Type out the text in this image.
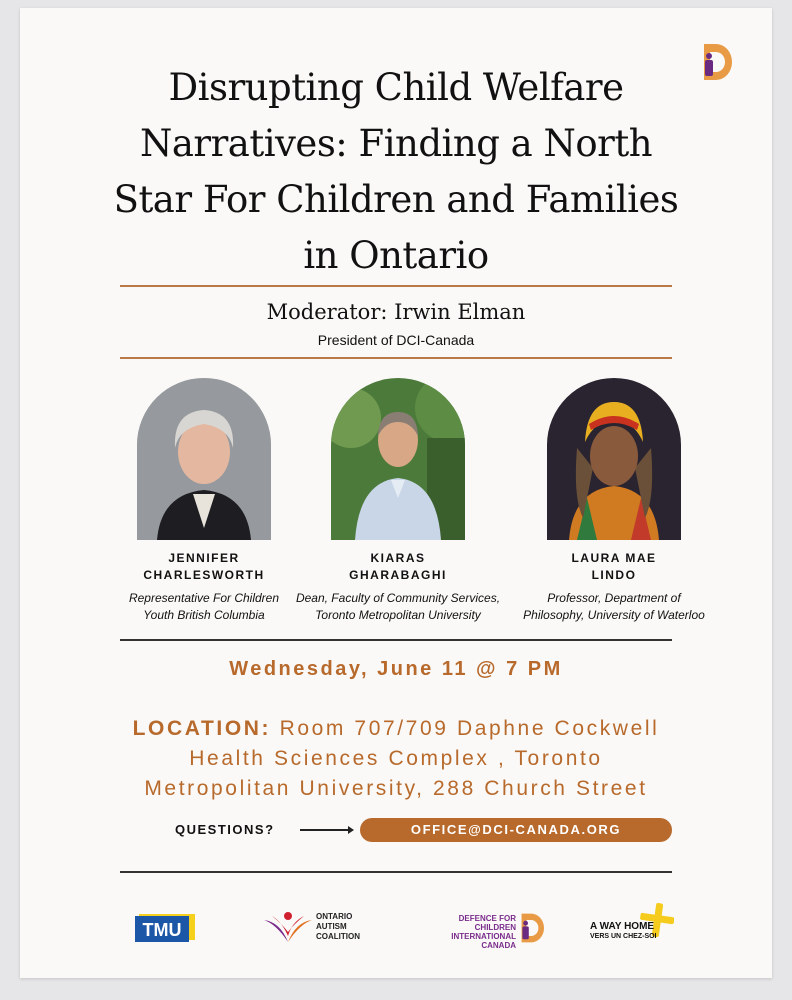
Disrupting Child Welfare
Narratives: Finding a North
Star For Children and Families
in Ontario
Moderator: Irwin Elman
President of DCI-Canada
JENNIFER
CHARLESWORTH
Representative For Children
Youth British Columbia
KIARAS
GHARABAGHI
Dean, Faculty of Community Services,
Toronto Metropolitan University
LAURA MAE
LINDO
Professor, Department of
Philosophy, University of Waterloo
Wednesday, June 11 @ 7 PM
LOCATION: Room 707/709 Daphne Cockwell
Health Sciences Complex , Toronto
Metropolitan University, 288 Church Street
QUESTIONS?	OFFICE@DCI-CANADA.ORG
TMU
ONTARIO
AUTISM
COALITION
DEFENCE FOR CHILDREN
INTERNATIONAL
CANADA
A WAY HOME
VERS UN CHEZ-SOI
